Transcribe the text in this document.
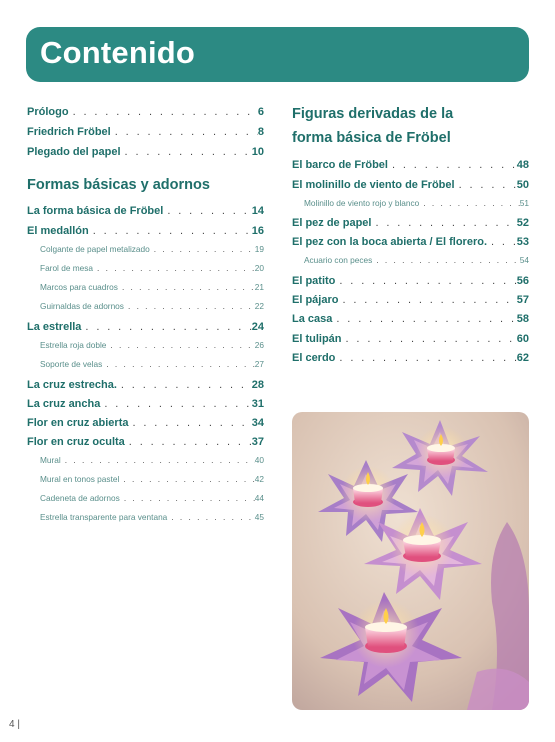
Contenido
Prólogo . . .	6
Friedrich Fröbel . . .	8
Plegado del papel . . .	10
Formas básicas y adornos
La forma básica de Fröbel . . .	14
El medallón . . .	16
Colgante de papel metalizado . . .	19
Farol de mesa . . .	20
Marcos para cuadros . . .	21
Guirnaldas de adornos . . .	22
La estrella . . .	24
Estrella roja doble . . .	26
Soporte de velas . . .	27
La cruz estrecha. . . .	28
La cruz ancha . . .	31
Flor en cruz abierta . . .	34
Flor en cruz oculta . . .	37
Mural . . .	40
Mural en tonos pastel . . .	42
Cadeneta de adornos . . .	44
Estrella transparente para ventana . . .	45
Figuras derivadas de la
forma básica de Fröbel
El barco de Fröbel . . .	48
El molinillo de viento de Fröbel . . .	50
Molinillo de viento rojo y blanco . . .	51
El pez de papel . . .	52
El pez con la boca abierta / El florero. . . .	53
Acuario con peces . . .	54
El patito . . .	56
El pájaro . . .	57
La casa . . .	58
El tulipán . . .	60
El cerdo . . .	62
4 |
